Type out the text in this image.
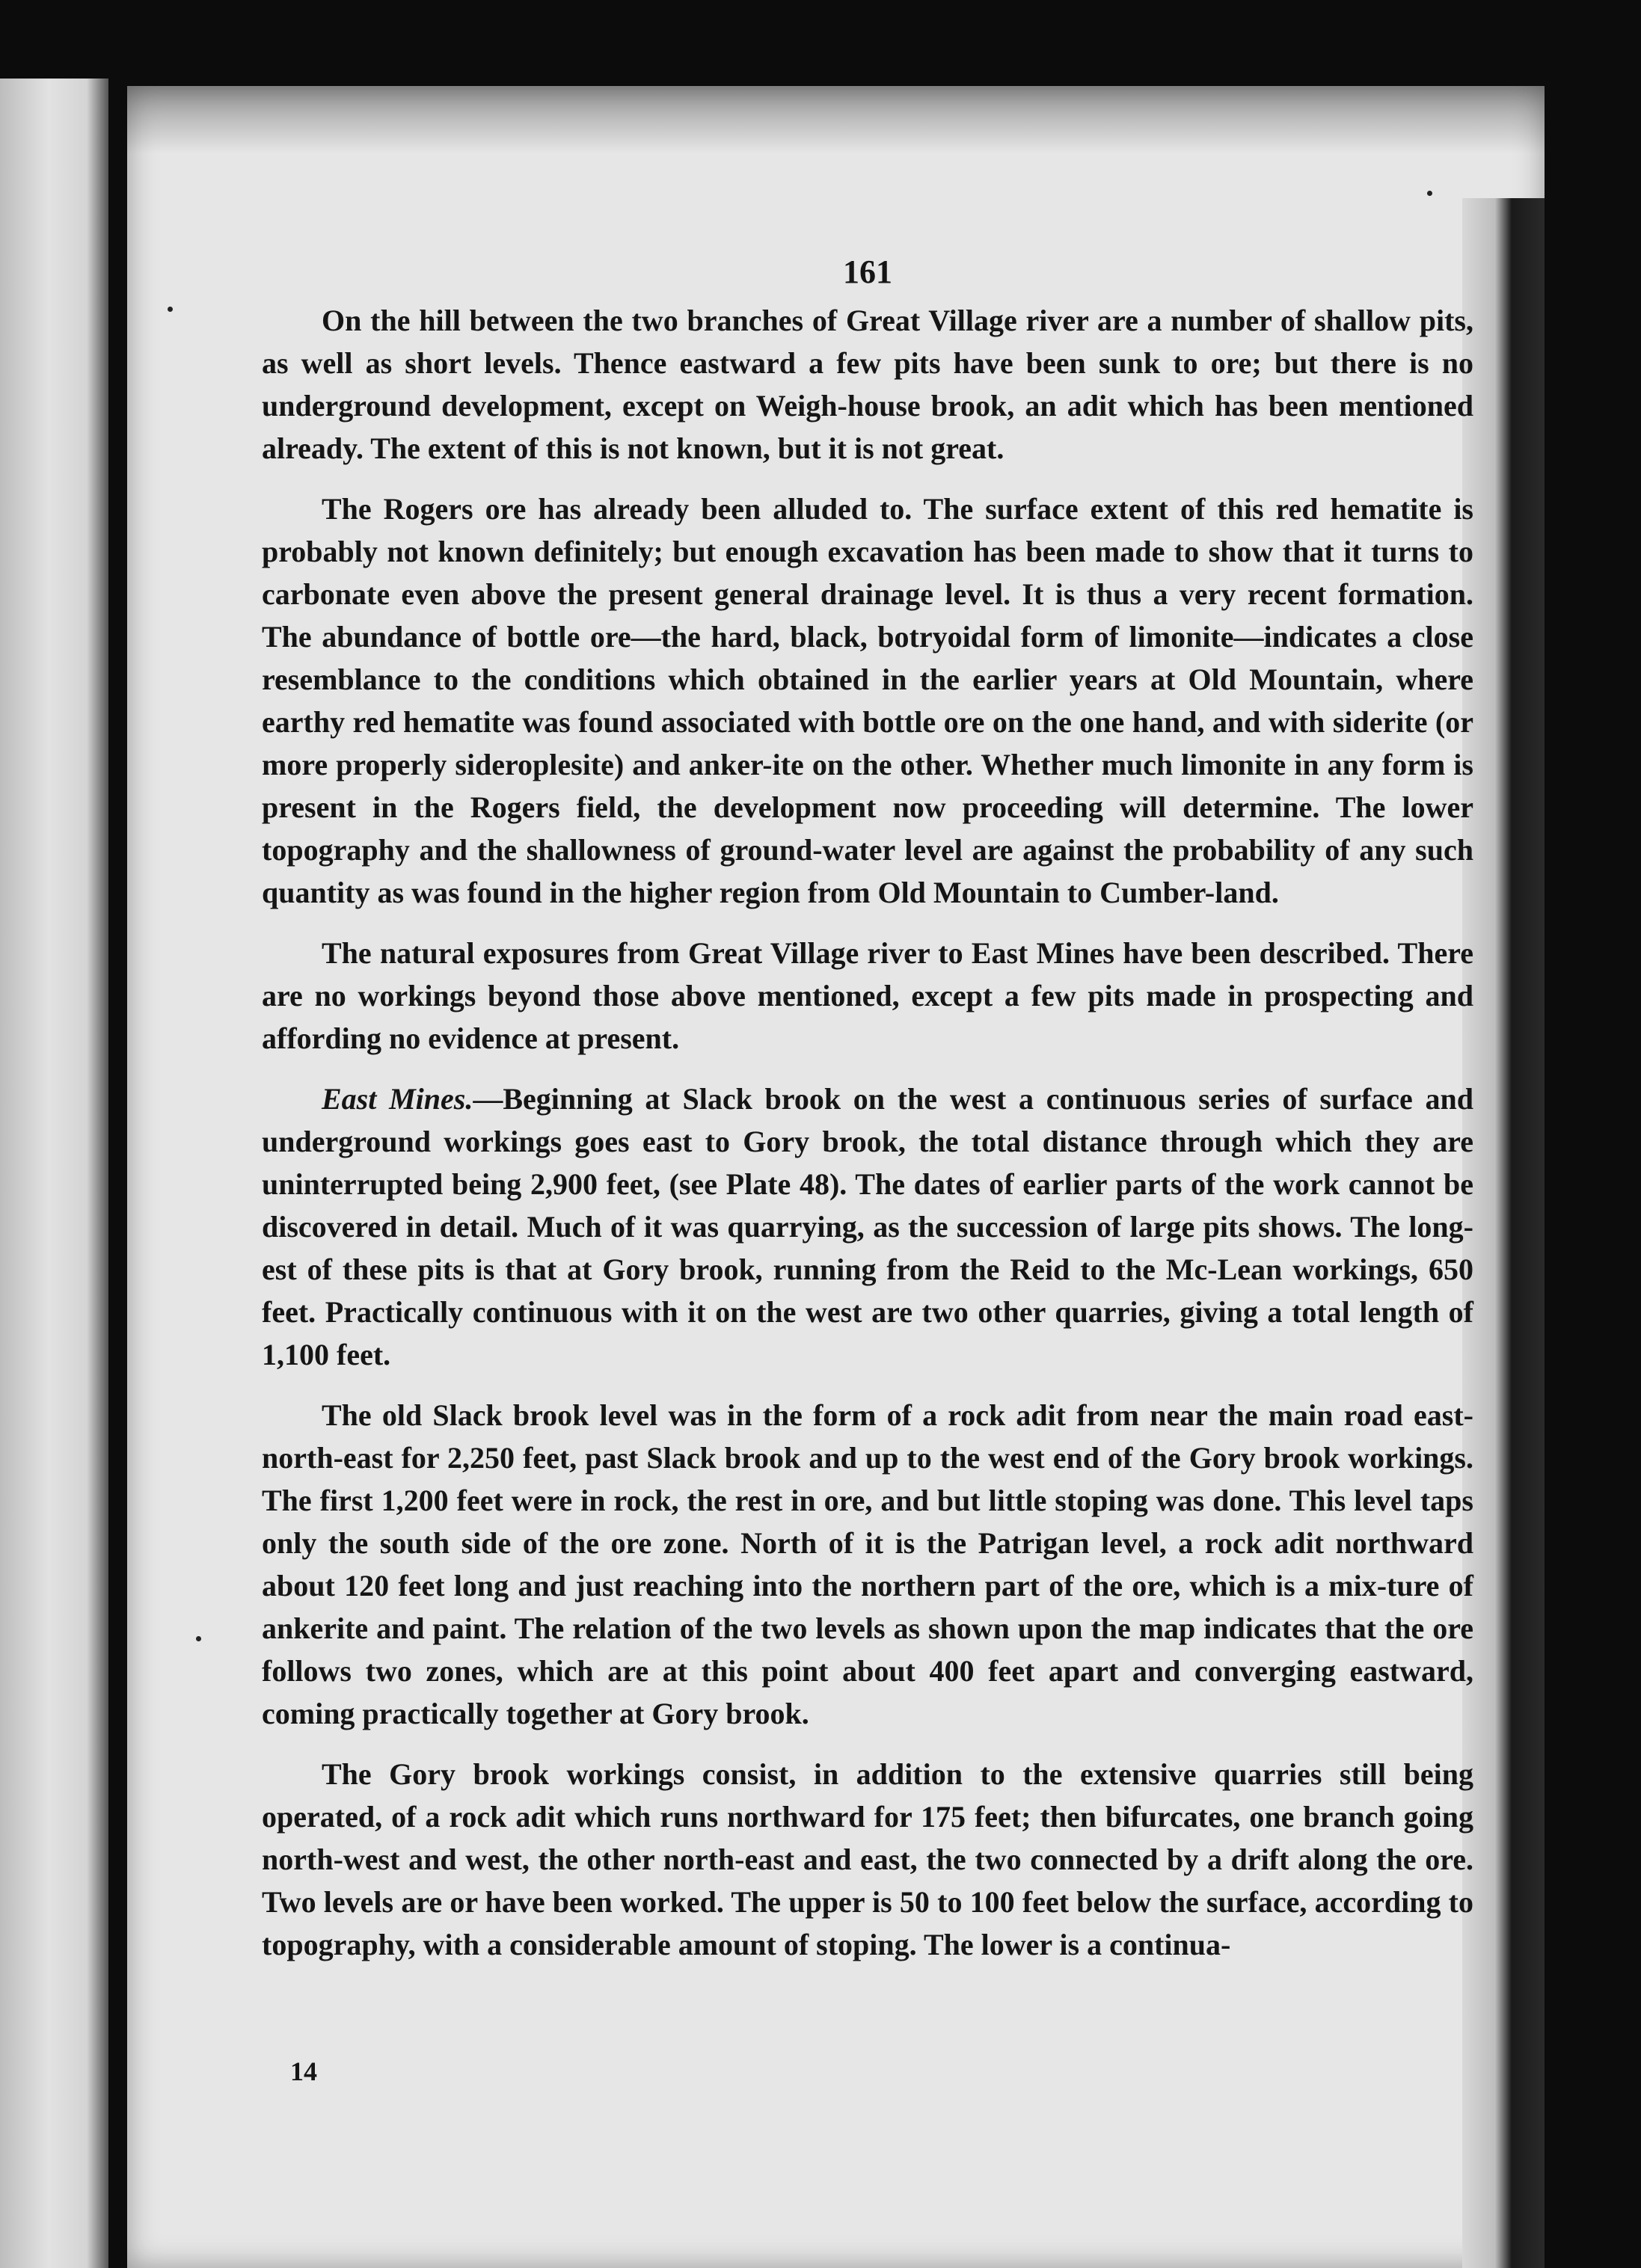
161

On the hill between the two branches of Great Village river are a number of shallow pits, as well as short levels. Thence eastward a few pits have been sunk to ore; but there is no underground development, except on Weigh-house brook, an adit which has been mentioned already. The extent of this is not known, but it is not great.

The Rogers ore has already been alluded to. The surface extent of this red hematite is probably not known definitely; but enough excavation has been made to show that it turns to carbonate even above the present general drainage level. It is thus a very recent formation. The abundance of bottle ore—the hard, black, botryoidal form of limonite—indicates a close resemblance to the conditions which obtained in the earlier years at Old Mountain, where earthy red hematite was found associated with bottle ore on the one hand, and with siderite (or more properly sideroplesite) and anker-ite on the other. Whether much limonite in any form is present in the Rogers field, the development now proceeding will determine. The lower topography and the shallowness of ground-water level are against the probability of any such quantity as was found in the higher region from Old Mountain to Cumber-land.

The natural exposures from Great Village river to East Mines have been described. There are no workings beyond those above mentioned, except a few pits made in prospecting and affording no evidence at present.

East Mines.—Beginning at Slack brook on the west a continuous series of surface and underground workings goes east to Gory brook, the total distance through which they are uninterrupted being 2,900 feet, (see Plate 48). The dates of earlier parts of the work cannot be discovered in detail. Much of it was quarrying, as the succession of large pits shows. The long-est of these pits is that at Gory brook, running from the Reid to the Mc-Lean workings, 650 feet. Practically continuous with it on the west are two other quarries, giving a total length of 1,100 feet.

The old Slack brook level was in the form of a rock adit from near the main road east-north-east for 2,250 feet, past Slack brook and up to the west end of the Gory brook workings. The first 1,200 feet were in rock, the rest in ore, and but little stoping was done. This level taps only the south side of the ore zone. North of it is the Patrigan level, a rock adit northward about 120 feet long and just reaching into the northern part of the ore, which is a mix-ture of ankerite and paint. The relation of the two levels as shown upon the map indicates that the ore follows two zones, which are at this point about 400 feet apart and converging eastward, coming practically together at Gory brook.

The Gory brook workings consist, in addition to the extensive quarries still being operated, of a rock adit which runs northward for 175 feet; then bifurcates, one branch going north-west and west, the other north-east and east, the two connected by a drift along the ore. Two levels are or have been worked. The upper is 50 to 100 feet below the surface, according to topography, with a considerable amount of stoping. The lower is a continua-

14
